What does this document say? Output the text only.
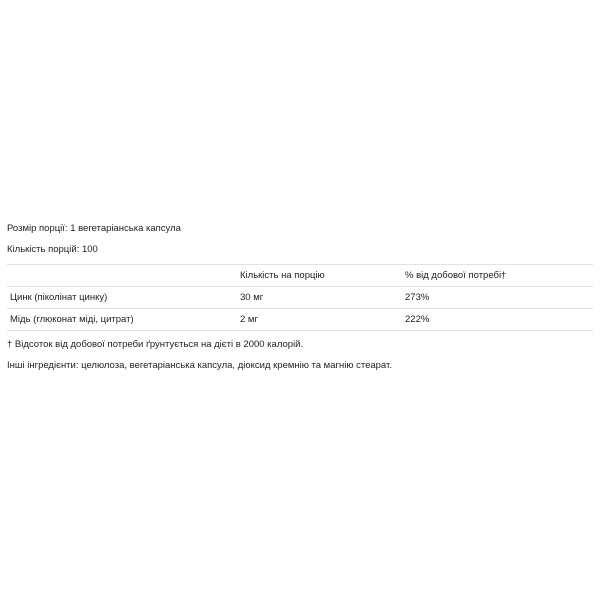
Розмір порції: 1 вегетаріанська капсула
Кількість порцій: 100
	Кількість на порцію	% від добової потребі†
Цинк (піколінат цинку)	30 мг	273%
Мідь (глюконат міді, цитрат)	2 мг	222%
† Відсоток від добової потреби ґрунтується на дієті в 2000 калорій.
Інші інгредієнти: целюлоза, вегетаріанська капсула, діоксид кремнію та магнію стеарат.
